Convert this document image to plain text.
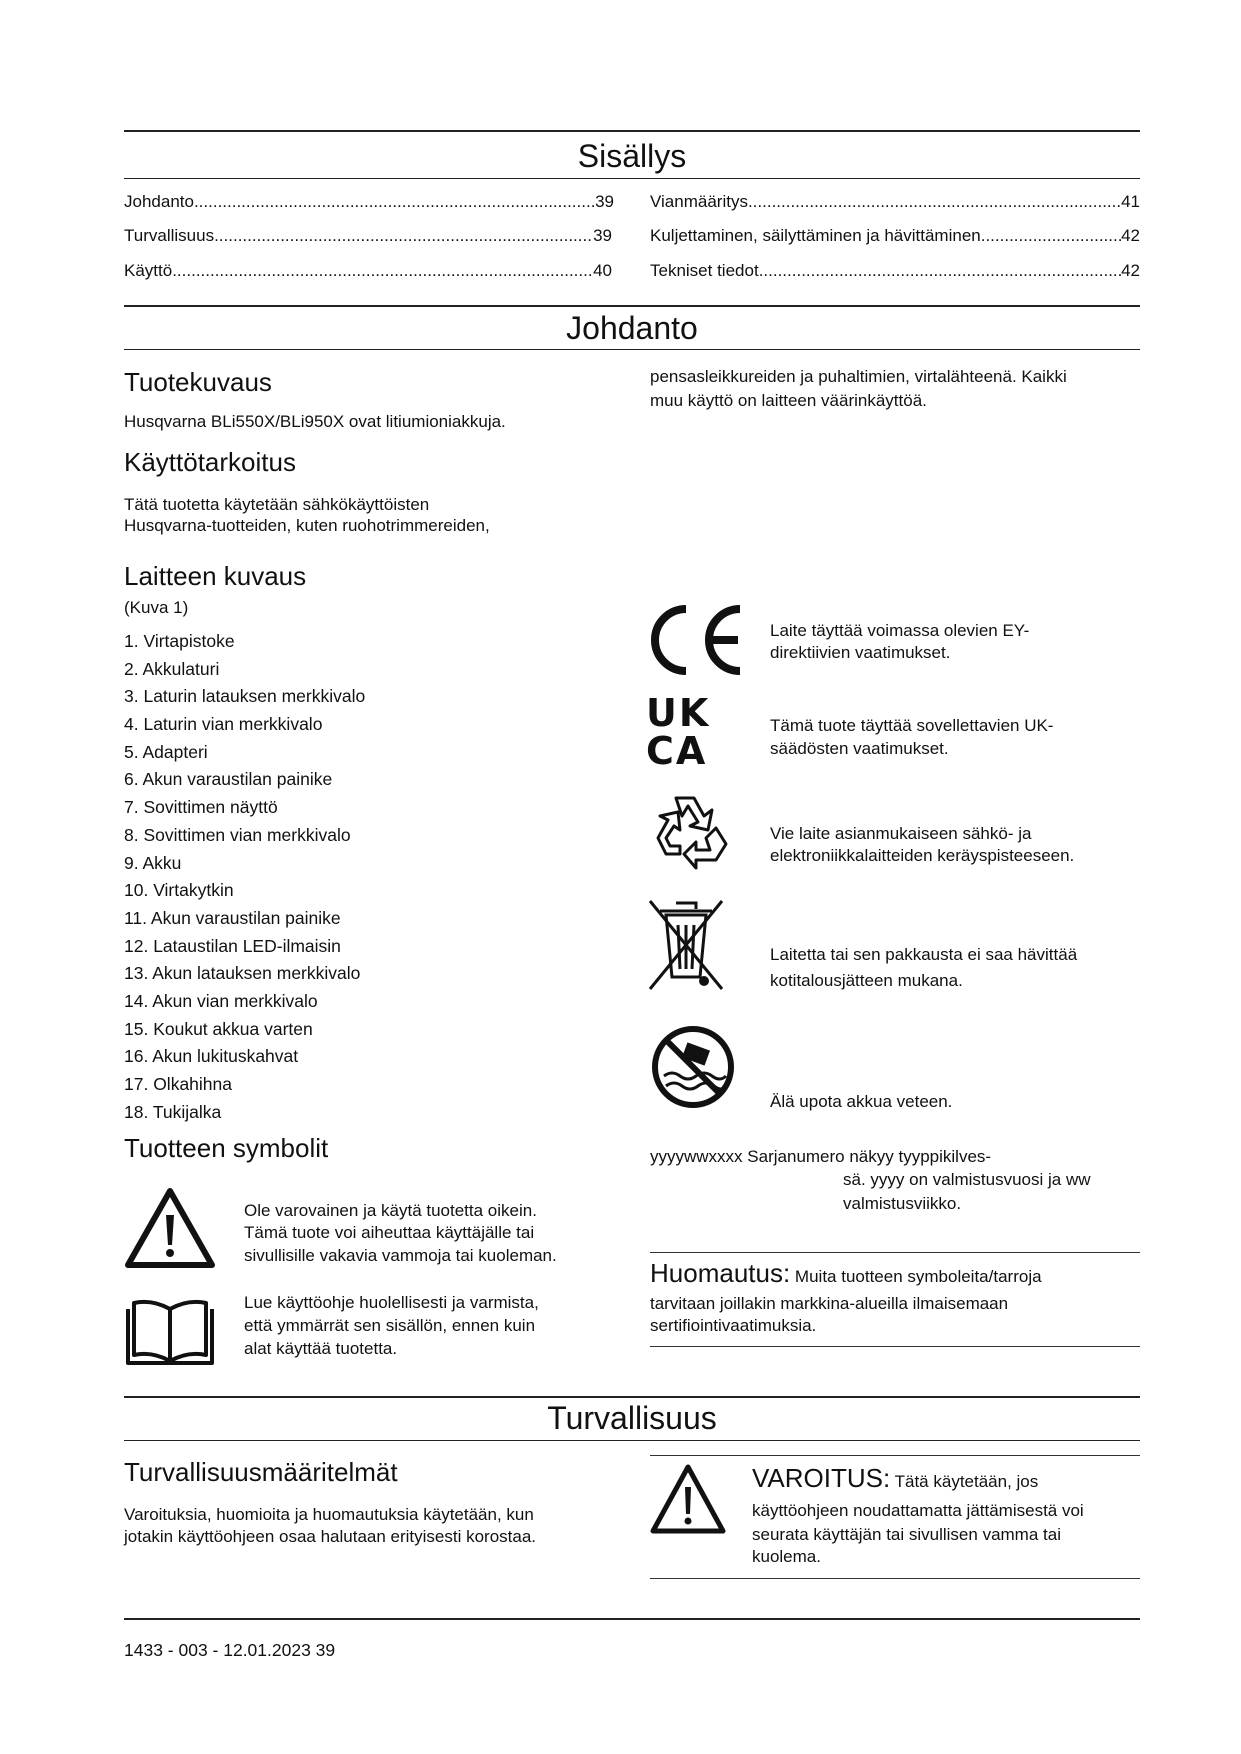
Sisällys
Johdanto .....	39
Turvallisuus .....	39
Käyttö .....	40
Vianmääritys .....	41
Kuljettaminen, säilyttäminen ja hävittäminen .....	42
Tekniset tiedot .....	42
Johdanto
Tuotekuvaus

Husqvarna BLi550X/BLi950X ovat litiumioniakkuja.

Käyttötarkoitus

Tätä tuotetta käytetään sähkökäyttöisten

Husqvarna-tuotteiden, kuten ruohotrimmereiden,

pensasleikkureiden ja puhaltimien, virtalähteenä. Kaikki

muu käyttö on laitteen väärinkäyttöä.

Laitteen kuvaus

(Kuva 1)

1. Virtapistoke
2. Akkulaturi
3. Laturin latauksen merkkivalo
4. Laturin vian merkkivalo
5. Adapteri
6. Akun varaustilan painike
7. Sovittimen näyttö
8. Sovittimen vian merkkivalo
9. Akku
10. Virtakytkin
11. Akun varaustilan painike
12. Lataustilan LED-ilmaisin
13. Akun latauksen merkkivalo
14. Akun vian merkkivalo
15. Koukut akkua varten
16. Akun lukituskahvat
17. Olkahihna
18. Tukijalka

Laite täyttää voimassa olevien EY-

direktiivien vaatimukset.

UK
CA

Tämä tuote täyttää sovellettavien UK-

säädösten vaatimukset.

Vie laite asianmukaiseen sähkö- ja

elektroniikkalaitteiden keräyspisteeseen.

Laitetta tai sen pakkausta ei saa hävittää

kotitalousjätteen mukana.

Älä upota akkua veteen.

yyyywwxxxx Sarjanumero näkyy tyyppikilves-

sä. yyyy on valmistusvuosi ja ww

valmistusviikko.

Tuotteen symbolit

Ole varovainen ja käytä tuotetta oikein.

Tämä tuote voi aiheuttaa käyttäjälle tai

sivullisille vakavia vammoja tai kuoleman.

Lue käyttöohje huolellisesti ja varmista,

että ymmärrät sen sisällön, ennen kuin

alat käyttää tuotetta.

Huomautus: Muita tuotteen symboleita/tarroja

tarvitaan joillakin markkina-alueilla ilmaisemaan

sertifiointivaatimuksia.

Turvallisuus
Turvallisuusmääritelmät

Varoituksia, huomioita ja huomautuksia käytetään, kun

jotakin käyttöohjeen osaa halutaan erityisesti korostaa.

VAROITUS: Tätä käytetään, jos

käyttöohjeen noudattamatta jättämisestä voi

seurata käyttäjän tai sivullisen vamma tai

kuolema.

1433 - 003 - 12.01.2023 39
